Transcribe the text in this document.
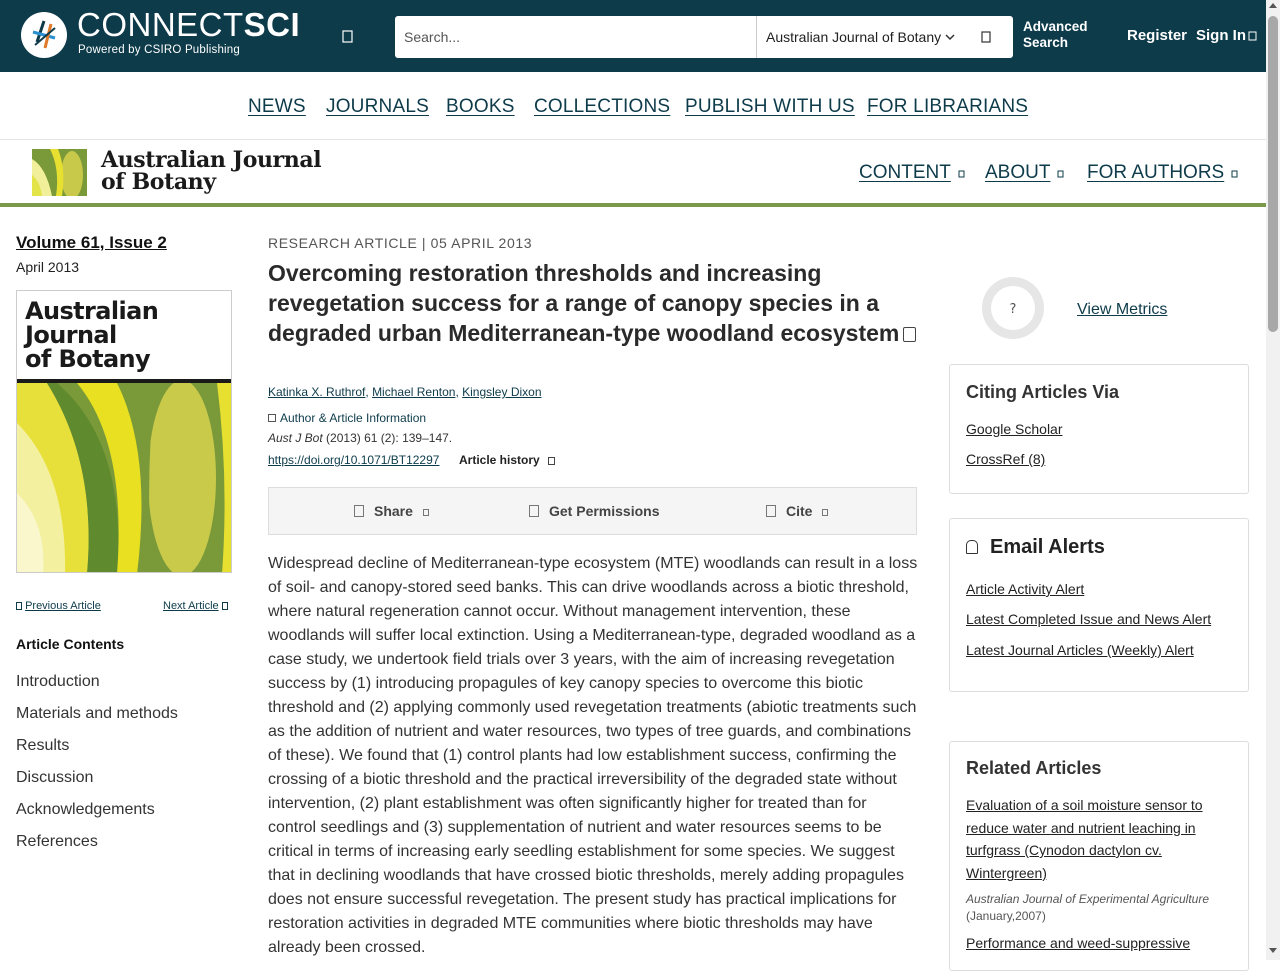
CONNECTSCI
Powered by CSIRO Publishing
Search...
Australian Journal of Botany
Advanced
Search	Register Sign In
NEWS JOURNALS BOOKS COLLECTIONS PUBLISH WITH US FOR LIBRARIANS
Australian Journal
of Botany	CONTENT	ABOUT	FOR AUTHORS
Volume 61, Issue 2
April 2013
Australian
Journal
of Botany
Previous Article	Next Article
Article Contents
Introduction
Materials and methods
Results
Discussion
Acknowledgements
References
RESEARCH ARTICLE | 05 APRIL 2013
Overcoming restoration thresholds and increasing revegetation success for a range of canopy species in a degraded urban Mediterranean-type woodland ecosystem
Katinka X. Ruthrof, Michael Renton, Kingsley Dixon
Author & Article Information
Aust J Bot (2013) 61 (2): 139–147.
https://doi.org/10.1071/BT12297 Article history
Share	Get Permissions	Cite
Widespread decline of Mediterranean-type ecosystem (MTE) woodlands can result in a loss of soil- and canopy-stored seed banks. This can drive woodlands across a biotic threshold, where natural regeneration cannot occur. Without management intervention, these woodlands will suffer local extinction. Using a Mediterranean-type, degraded woodland as a case study, we undertook field trials over 3 years, with the aim of increasing revegetation success by (1) introducing propagules of key canopy species to overcome this biotic threshold and (2) applying commonly used revegetation treatments (abiotic treatments such as the addition of nutrient and water resources, two types of tree guards, and combinations of these). We found that (1) control plants had low establishment success, confirming the crossing of a biotic threshold and the practical irreversibility of the degraded state without intervention, (2) plant establishment was often significantly higher for treated than for control seedlings and (3) supplementation of nutrient and water resources seems to be critical in terms of increasing early seedling establishment for some species. We suggest that in declining woodlands that have crossed biotic thresholds, merely adding propagules does not ensure successful revegetation. The present study has practical implications for restoration activities in degraded MTE communities where biotic thresholds may have already been crossed.
?	View Metrics
Citing Articles Via
Google Scholar
CrossRef (8)
Email Alerts
Article Activity Alert
Latest Completed Issue and News Alert
Latest Journal Articles (Weekly) Alert
Related Articles
Evaluation of a soil moisture sensor to reduce water and nutrient leaching in turfgrass (Cynodon dactylon cv. Wintergreen)
Australian Journal of Experimental Agriculture
(January,2007)
Performance and weed-suppressive
